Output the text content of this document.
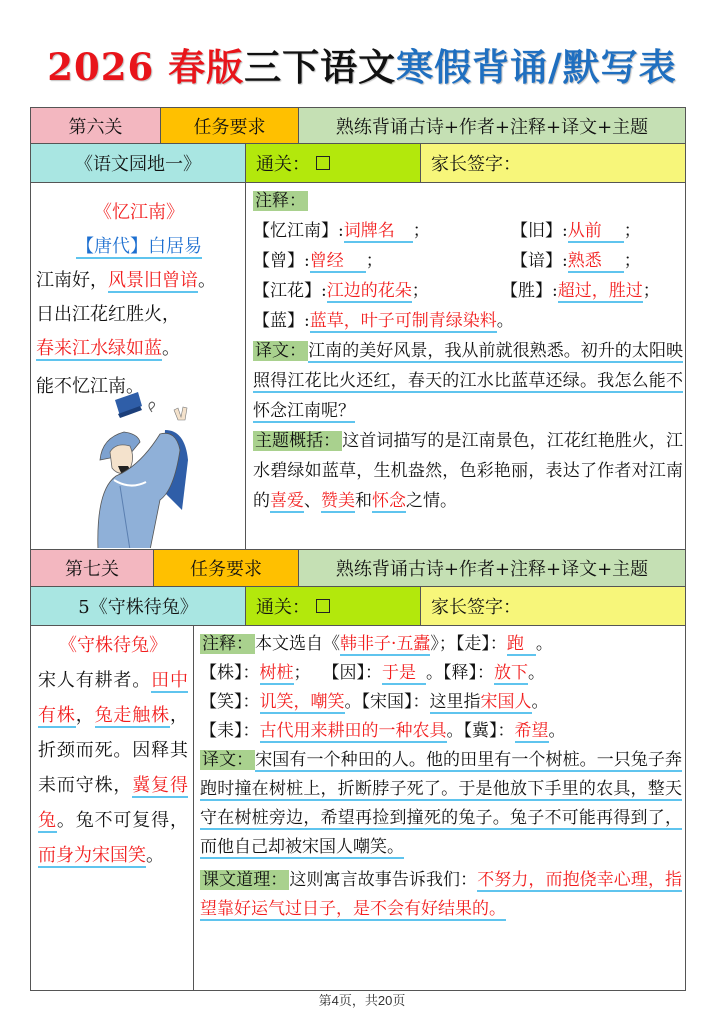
2026 春版三下语文寒假背诵/默写表
第六关	任务要求	熟练背诵古诗+作者+注释+译文+主题
《语文园地一》	通关：	家长签字：
《忆江南》
【唐代】白居易
江南好，风景旧曾谙。
日出江花红胜火，
春来江水绿如蓝。
能不忆江南。
注释：
【忆江南】:词牌名 ；	【旧】:从前 ；
【曾】:曾经 ；	【谙】:熟悉 ；
【江花】:江边的花朵；	【胜】:超过，胜过；
【蓝】:蓝草，叶子可制青绿染料。
译文： 江南的美好风景，我从前就很熟悉。初升的太阳映照得江花比火还红，春天的江水比蓝草还绿。我怎么能不怀念江南呢？
主题概括： 这首词描写的是江南景色，江花红艳胜火，江水碧绿如蓝草，生机盎然，色彩艳丽，表达了作者对江南的喜爱、赞美和怀念之情。
第七关	任务要求	熟练背诵古诗+作者+注释+译文+主题
5《守株待兔》	通关：	家长签字：
《守株待兔》
宋人有耕者。田中有株，兔走触株，折颈而死。因释其耒而守株，冀复得兔。兔不可复得，而身为宋国笑。
注释： 本文选自《韩非子·五蠹》；【走】：跑 。
【株】：树桩； 【因】：于是 。【释】：放下。
【笑】：讥笑，嘲笑。【宋国】：这里指宋国人。
【耒】：古代用来耕田的一种农具。【冀】：希望。
译文： 宋国有一个种田的人。他的田里有一个树桩。一只兔子奔跑时撞在树桩上，折断脖子死了。于是他放下手里的农具，整天守在树桩旁边，希望再捡到撞死的兔子。兔子不可能再得到了，而他自己却被宋国人嘲笑。
课文道理： 这则寓言故事告诉我们：不努力，而抱侥幸心理，指望靠好运气过日子，是不会有好结果的。
第4页，共20页
